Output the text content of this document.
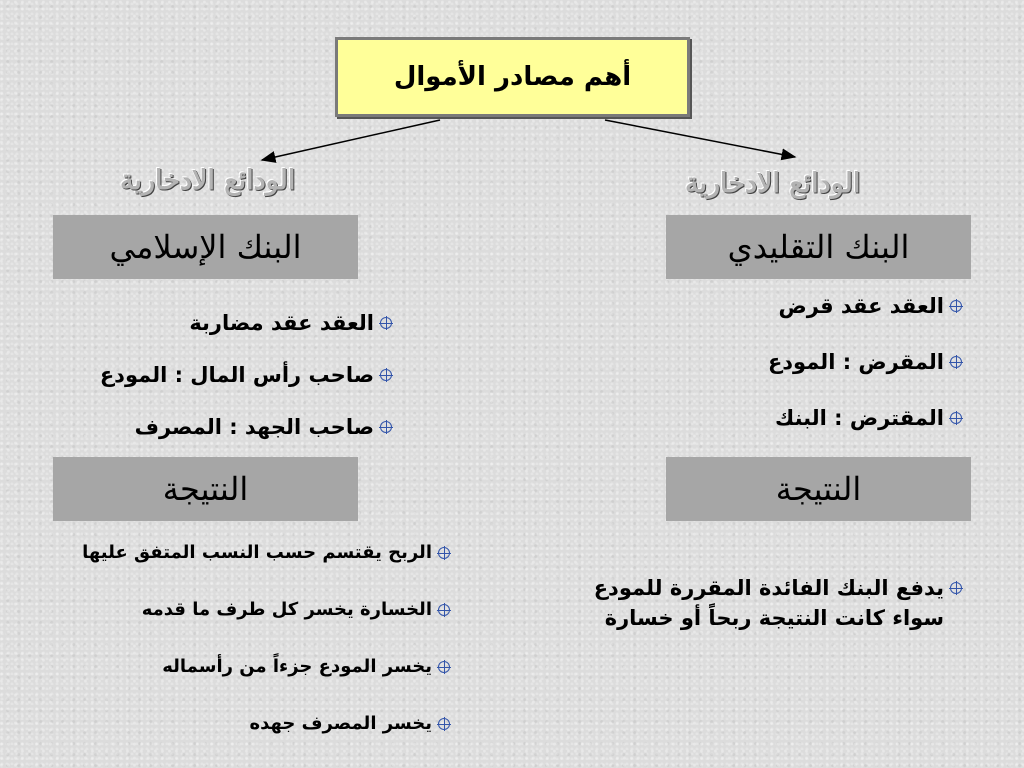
أهم مصادر الأموال
الودائع الادخارية
البنك الإسلامي
العقد عقد مضاربة
صاحب رأس المال : المودع
صاحب الجهد : المصرف
النتيجة
الربح يقتسم حسب النسب المتفق عليها
الخسارة يخسر كل طرف ما قدمه
يخسر المودع جزءاً من رأسماله
يخسر المصرف جهده
الودائع الادخارية
البنك التقليدي
العقد عقد قرض
المقرض : المودع
المقترض : البنك
النتيجة
يدفع البنك الفائدة المقررة للمودع
سواء كانت النتيجة ربحاً أو خسارة
